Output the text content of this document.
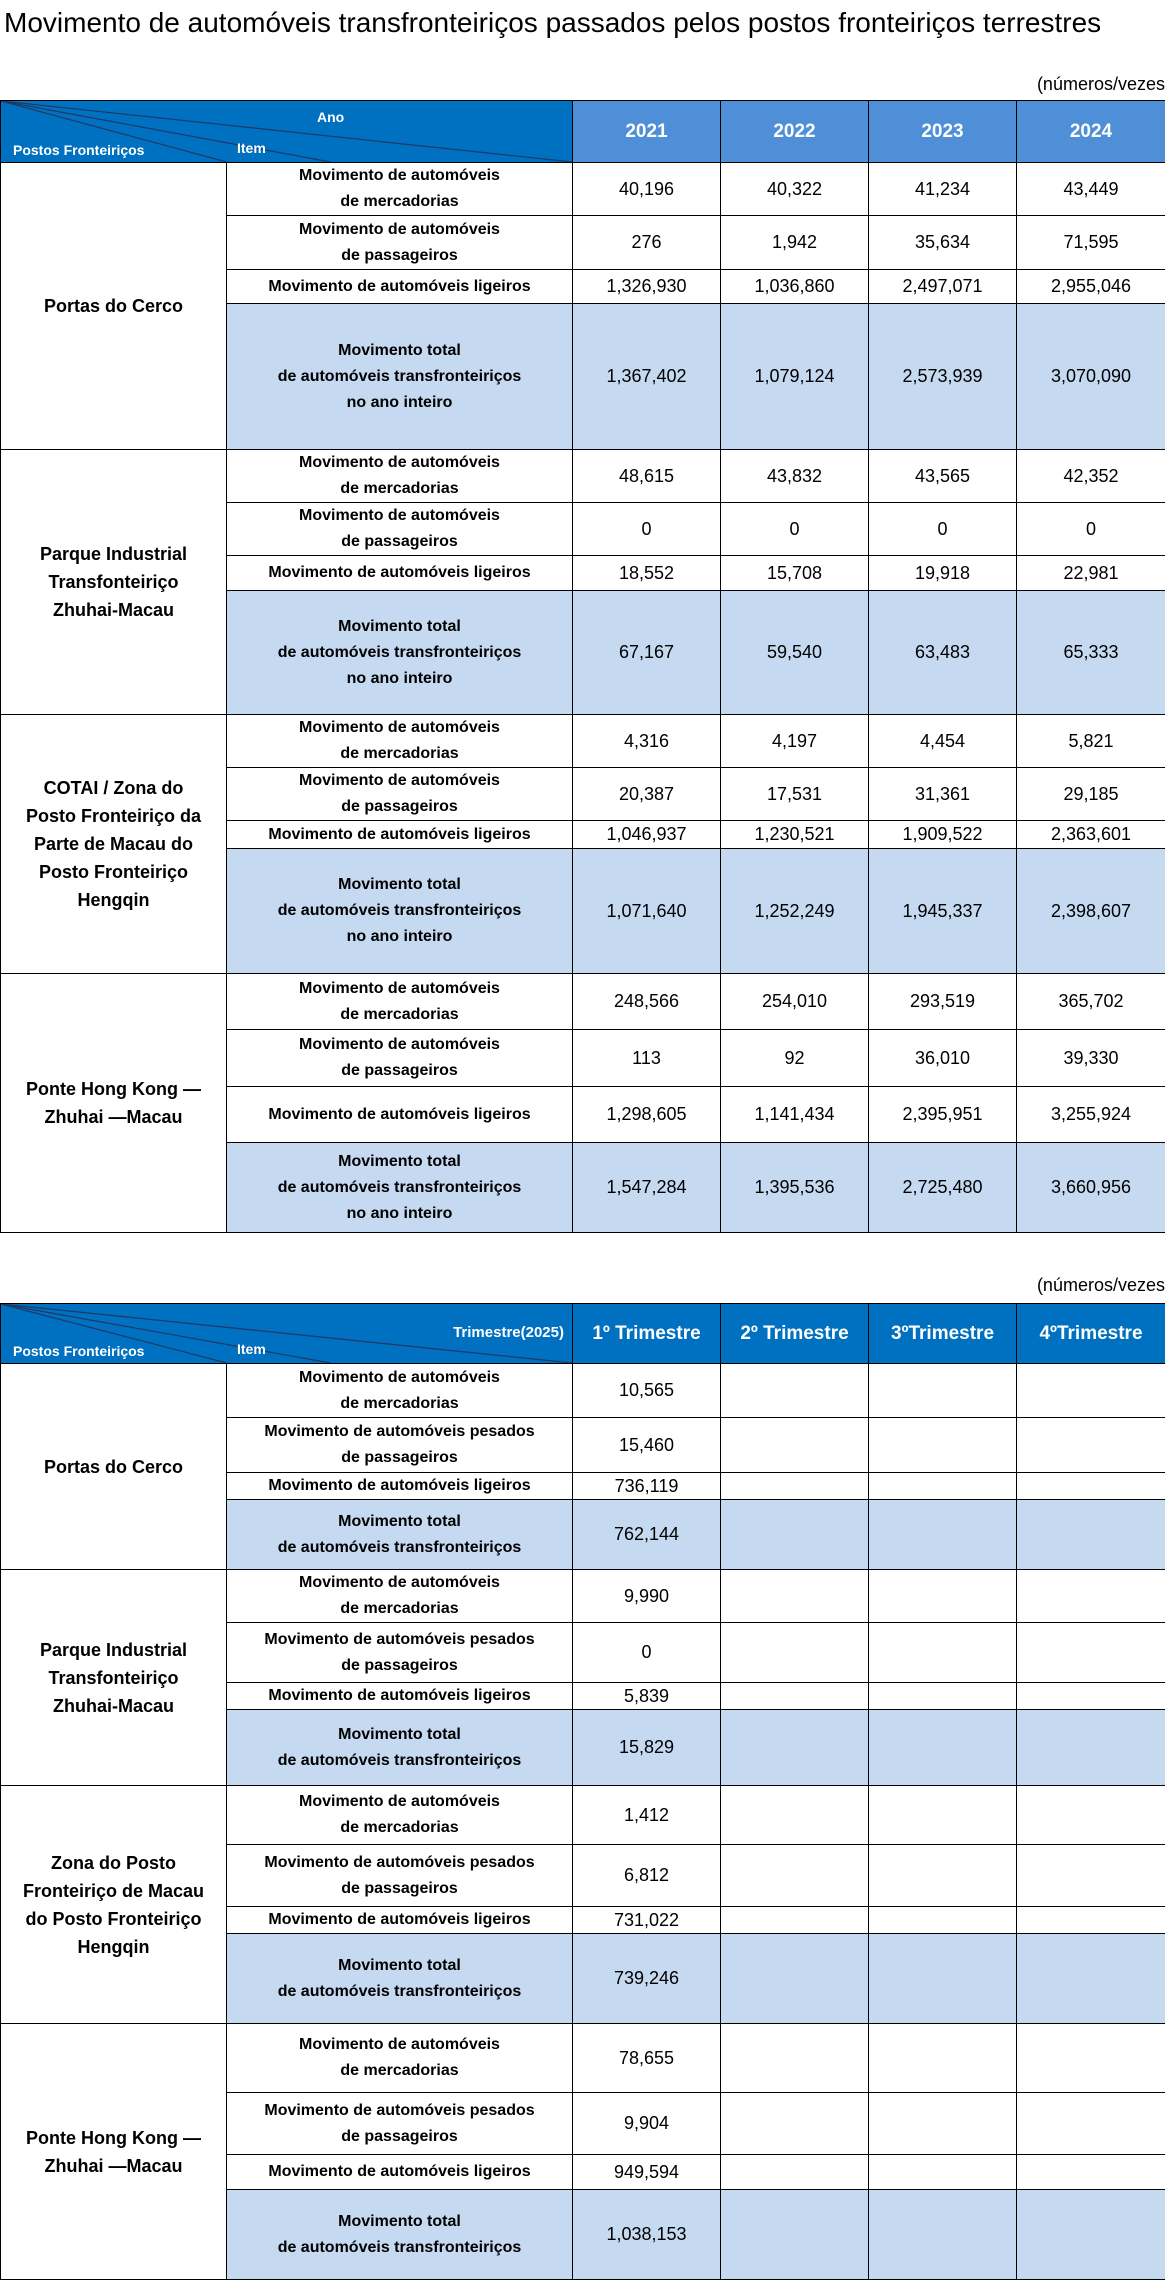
Movimento de automóveis transfronteiriços passados pelos postos fronteiriços terrestres
(números/vezes
Ano
Postos Fronteiriços Item		2021	2022	2023	2024
Portas do Cerco	Movimento de automóveis
de mercadorias	40,196	40,322	41,234	43,449
	Movimento de automóveis
de passageiros	276	1,942	35,634	71,595
	Movimento de automóveis ligeiros	1,326,930	1,036,860	2,497,071	2,955,046
	Movimento total
de automóveis transfronteiriços
no ano inteiro	1,367,402	1,079,124	2,573,939	3,070,090
Parque Industrial
Transfonteiriço
Zhuhai-Macau	Movimento de automóveis
de mercadorias	48,615	43,832	43,565	42,352
	Movimento de automóveis
de passageiros	0	0	0	0
	Movimento de automóveis ligeiros	18,552	15,708	19,918	22,981
	Movimento total
de automóveis transfronteiriços
no ano inteiro	67,167	59,540	63,483	65,333
COTAI / Zona do
Posto Fronteiriço da
Parte de Macau do
Posto Fronteiriço
Hengqin	Movimento de automóveis
de mercadorias	4,316	4,197	4,454	5,821
	Movimento de automóveis
de passageiros	20,387	17,531	31,361	29,185
	Movimento de automóveis ligeiros	1,046,937	1,230,521	1,909,522	2,363,601
	Movimento total
de automóveis transfronteiriços
no ano inteiro	1,071,640	1,252,249	1,945,337	2,398,607
Ponte Hong Kong —
Zhuhai —Macau	Movimento de automóveis
de mercadorias	248,566	254,010	293,519	365,702
	Movimento de automóveis
de passageiros	113	92	36,010	39,330
	Movimento de automóveis ligeiros	1,298,605	1,141,434	2,395,951	3,255,924
	Movimento total
de automóveis transfronteiriços
no ano inteiro	1,547,284	1,395,536	2,725,480	3,660,956
(números/vezes
Trimestre(2025)
Postos Fronteiriços Item		1º Trimestre	2º Trimestre	3ºTrimestre	4ºTrimestre
Portas do Cerco	Movimento de automóveis
de mercadorias	10,565			
	Movimento de automóveis pesados
de passageiros	15,460			
	Movimento de automóveis ligeiros	736,119			
	Movimento total
de automóveis transfronteiriços	762,144			
Parque Industrial
Transfonteiriço
Zhuhai-Macau	Movimento de automóveis
de mercadorias	9,990			
	Movimento de automóveis pesados
de passageiros	0			
	Movimento de automóveis ligeiros	5,839			
	Movimento total
de automóveis transfronteiriços	15,829			
Zona do Posto
Fronteiriço de Macau
do Posto Fronteiriço
Hengqin	Movimento de automóveis
de mercadorias	1,412			
	Movimento de automóveis pesados
de passageiros	6,812			
	Movimento de automóveis ligeiros	731,022			
	Movimento total
de automóveis transfronteiriços	739,246			
Ponte Hong Kong —
Zhuhai —Macau	Movimento de automóveis
de mercadorias	78,655			
	Movimento de automóveis pesados
de passageiros	9,904			
	Movimento de automóveis ligeiros	949,594			
	Movimento total
de automóveis transfronteiriços	1,038,153			
